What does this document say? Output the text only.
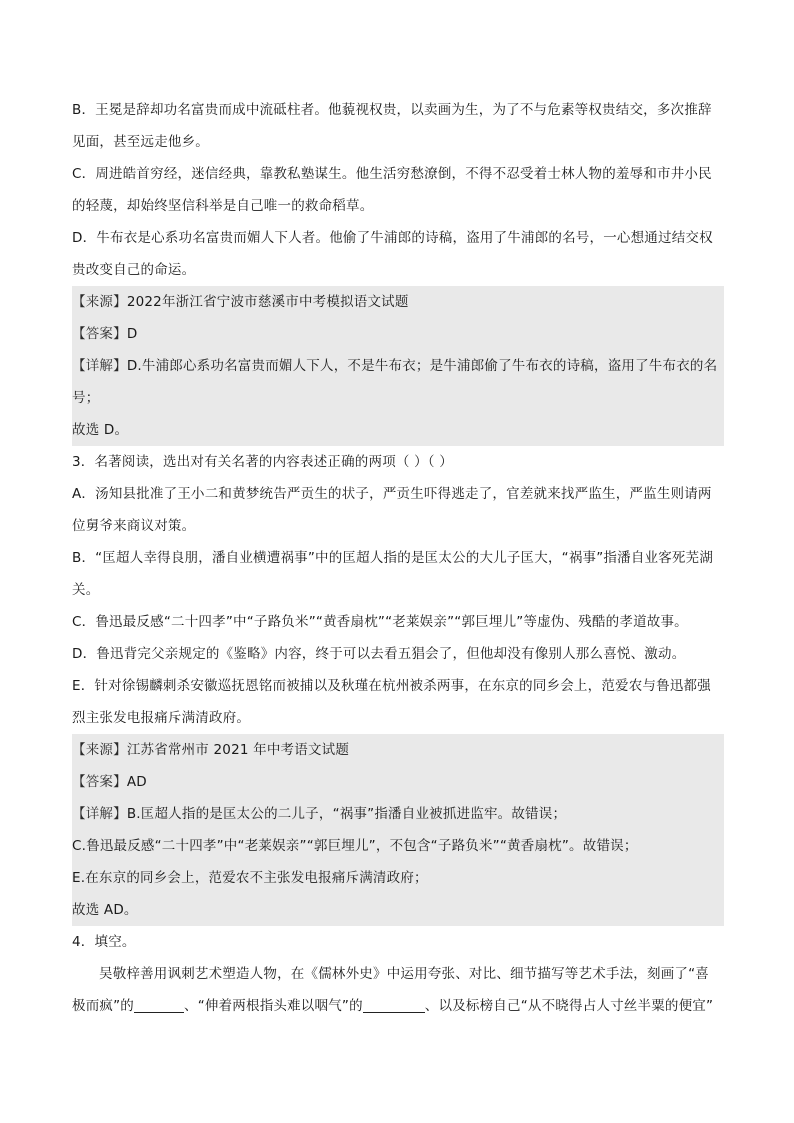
B．王冕是辞却功名富贵而成中流砥柱者。他藐视权贵，以卖画为生，为了不与危素等权贵结交，多次推辞
见面，甚至远走他乡。
C．周进皓首穷经，迷信经典，靠教私塾谋生。他生活穷愁潦倒，不得不忍受着士林人物的羞辱和市井小民
的轻蔑，却始终坚信科举是自己唯一的救命稻草。
D．牛布衣是心系功名富贵而媚人下人者。他偷了牛浦郎的诗稿，盗用了牛浦郎的名号，一心想通过结交权
贵改变自己的命运。
【来源】2022年浙江省宁波市慈溪市中考模拟语文试题
【答案】D
【详解】D.牛浦郎心系功名富贵而媚人下人，不是牛布衣；是牛浦郎偷了牛布衣的诗稿，盗用了牛布衣的名
号；
故选 D。
3．名著阅读，选出对有关名著的内容表述正确的两项（ ）（ ）
A．汤知县批准了王小二和黄梦统告严贡生的状子，严贡生吓得逃走了，官差就来找严监生，严监生则请两
位舅爷来商议对策。
B．“匡超人幸得良朋，潘自业横遭祸事”中的匡超人指的是匡太公的大儿子匡大，“祸事”指潘自业客死芜湖
关。
C．鲁迅最反感“二十四孝”中“子路负米”“黄香扇枕”“老莱娱亲”“郭巨埋儿”等虚伪、残酷的孝道故事。
D．鲁迅背完父亲规定的《鉴略》内容，终于可以去看五猖会了，但他却没有像别人那么喜悦、激动。
E．针对徐锡麟刺杀安徽巡抚恩铭而被捕以及秋瑾在杭州被杀两事，在东京的同乡会上，范爱农与鲁迅都强
烈主张发电报痛斥满清政府。
【来源】江苏省常州市 2021 年中考语文试题
【答案】AD
【详解】B.匡超人指的是匡太公的二儿子，“祸事”指潘自业被抓进监牢。故错误；
C.鲁迅最反感“二十四孝”中“老莱娱亲”“郭巨埋儿”，不包含“子路负米”“黄香扇枕”。故错误；
E.在东京的同乡会上，范爱农不主张发电报痛斥满清政府；
故选 AD。
4．填空。
吴敬梓善用讽刺艺术塑造人物，在《儒林外史》中运用夸张、对比、细节描写等艺术手法，刻画了“喜
极而疯”的	、“伸着两根指头难以咽气”的	、以及标榜自己“从不晓得占人寸丝半粟的便宜”
